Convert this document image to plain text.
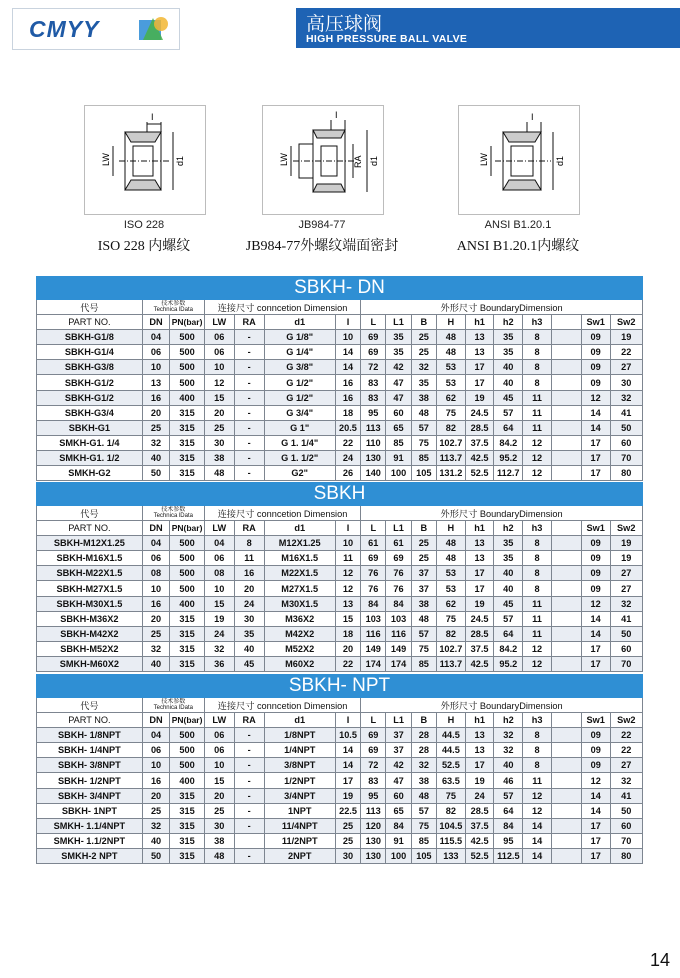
CMYY	高压球阀
HIGH PRESSURE BALL VALVE
I
LW	d1
I
LW	RA d1
I
LW	d1
ISO 228
ISO 228 内螺纹
JB984-77
JB984-77外螺纹端面密封
ANSI B1.20.1
ANSI B1.20.1内螺纹
SBKH- DN																
代号	技术参数
Technica lData		连接尺寸 conncetion Dimension				外形尺寸 BoundaryDimension									
PART NO.	DN	PN(bar)	LW	RA	d1	I	L	L1	B	H	h1	h2	h3		Sw1	Sw2
SBKH-G1/8	04	500	06	-	G 1/8"	10	69	35	25	48	13	35	8		09	19
SBKH-G1/4	06	500	06	-	G 1/4"	14	69	35	25	48	13	35	8		09	22
SBKH-G3/8	10	500	10	-	G 3/8"	14	72	42	32	53	17	40	8		09	27
SBKH-G1/2	13	500	12	-	G 1/2"	16	83	47	35	53	17	40	8		09	30
SBKH-G1/2	16	400	15	-	G 1/2"	16	83	47	38	62	19	45	11		12	32
SBKH-G3/4	20	315	20	-	G 3/4"	18	95	60	48	75	24.5	57	11		14	41
SBKH-G1	25	315	25	-	G 1"	20.5	113	65	57	82	28.5	64	11		14	50
SMKH-G1. 1/4	32	315	30	-	G 1. 1/4"	22	110	85	75	102.7	37.5	84.2	12		17	60
SMKH-G1. 1/2	40	315	38	-	G 1. 1/2"	24	130	91	85	113.7	42.5	95.2	12		17	70
SMKH-G2	50	315	48	-	G2"	26	140	100	105	131.2	52.5	112.7	12		17	80
SBKH																
代号	技术参数
Technica lData		连接尺寸 conncetion Dimension				外形尺寸 BoundaryDimension									
PART NO.	DN	PN(bar)	LW	RA	d1	I	L	L1	B	H	h1	h2	h3		Sw1	Sw2
SBKH-M12X1.25	04	500	04	8	M12X1.25	10	61	61	25	48	13	35	8		09	19
SBKH-M16X1.5	06	500	06	11	M16X1.5	11	69	69	25	48	13	35	8		09	19
SBKH-M22X1.5	08	500	08	16	M22X1.5	12	76	76	37	53	17	40	8		09	27
SBKH-M27X1.5	10	500	10	20	M27X1.5	12	76	76	37	53	17	40	8		09	27
SBKH-M30X1.5	16	400	15	24	M30X1.5	13	84	84	38	62	19	45	11		12	32
SBKH-M36X2	20	315	19	30	M36X2	15	103	103	48	75	24.5	57	11		14	41
SBKH-M42X2	25	315	24	35	M42X2	18	116	116	57	82	28.5	64	11		14	50
SBKH-M52X2	32	315	32	40	M52X2	20	149	149	75	102.7	37.5	84.2	12		17	60
SMKH-M60X2	40	315	36	45	M60X2	22	174	174	85	113.7	42.5	95.2	12		17	70
SBKH- NPT																
代号	技术参数
Technica lData		连接尺寸 conncetion Dimension				外形尺寸 BoundaryDimension									
PART NO.	DN	PN(bar)	LW	RA	d1	I	L	L1	B	H	h1	h2	h3		Sw1	Sw2
SBKH- 1/8NPT	04	500	06	-	1/8NPT	10.5	69	37	28	44.5	13	32	8		09	22
SBKH- 1/4NPT	06	500	06	-	1/4NPT	14	69	37	28	44.5	13	32	8		09	22
SBKH- 3/8NPT	10	500	10	-	3/8NPT	14	72	42	32	52.5	17	40	8		09	27
SBKH- 1/2NPT	16	400	15	-	1/2NPT	17	83	47	38	63.5	19	46	11		12	32
SBKH- 3/4NPT	20	315	20	-	3/4NPT	19	95	60	48	75	24	57	12		14	41
SBKH- 1NPT	25	315	25	-	1NPT	22.5	113	65	57	82	28.5	64	12		14	50
SMKH- 1.1/4NPT	32	315	30	-	11/4NPT	25	120	84	75	104.5	37.5	84	14		17	60
SMKH- 1.1/2NPT	40	315	38		11/2NPT	25	130	91	85	115.5	42.5	95	14		17	70
SMKH-2 NPT	50	315	48	-	2NPT	30	130	100	105	133	52.5	112.5	14		17	80
14
